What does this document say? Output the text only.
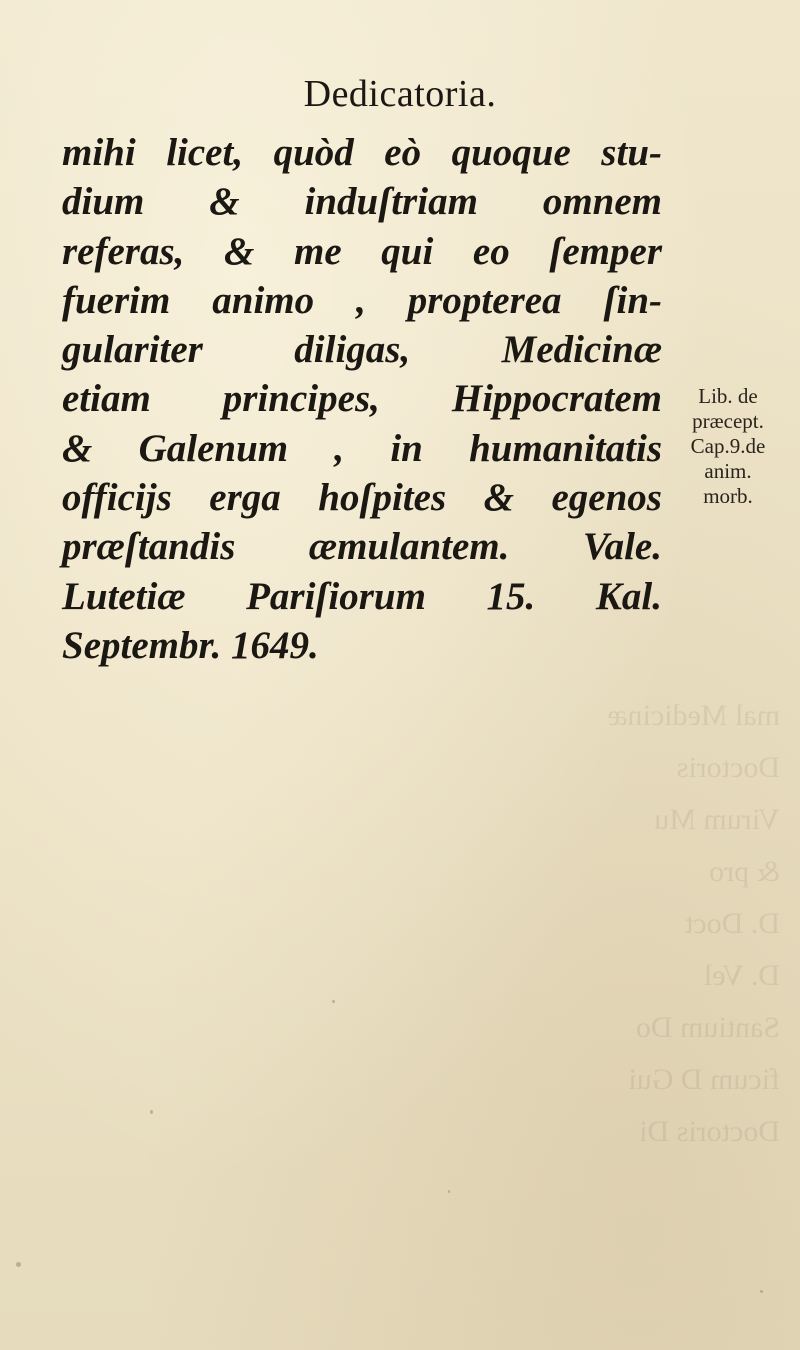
mal Medicinæ
Doctoris
Virum Mu
& pro
D. Doct
D. Vel
Santium Do
ficum D Gui
Doctoris Di
Dedicatoria.
mihi licet, quòd eò quoque stu-
dium & induſtriam omnem
referas, & me qui eo ſemper
fuerim animo , propterea ſin-
gulariter diligas, Medicinæ
etiam principes, Hippocratem
& Galenum , in humanitatis
officijs erga hoſpites & egenos
præſtandis æmulantem. Vale.
Lutetiæ Pariſiorum 15. Kal.
Septembr. 1649.
Lib. de
præcept.
Cap.9.de
anim.
morb.
